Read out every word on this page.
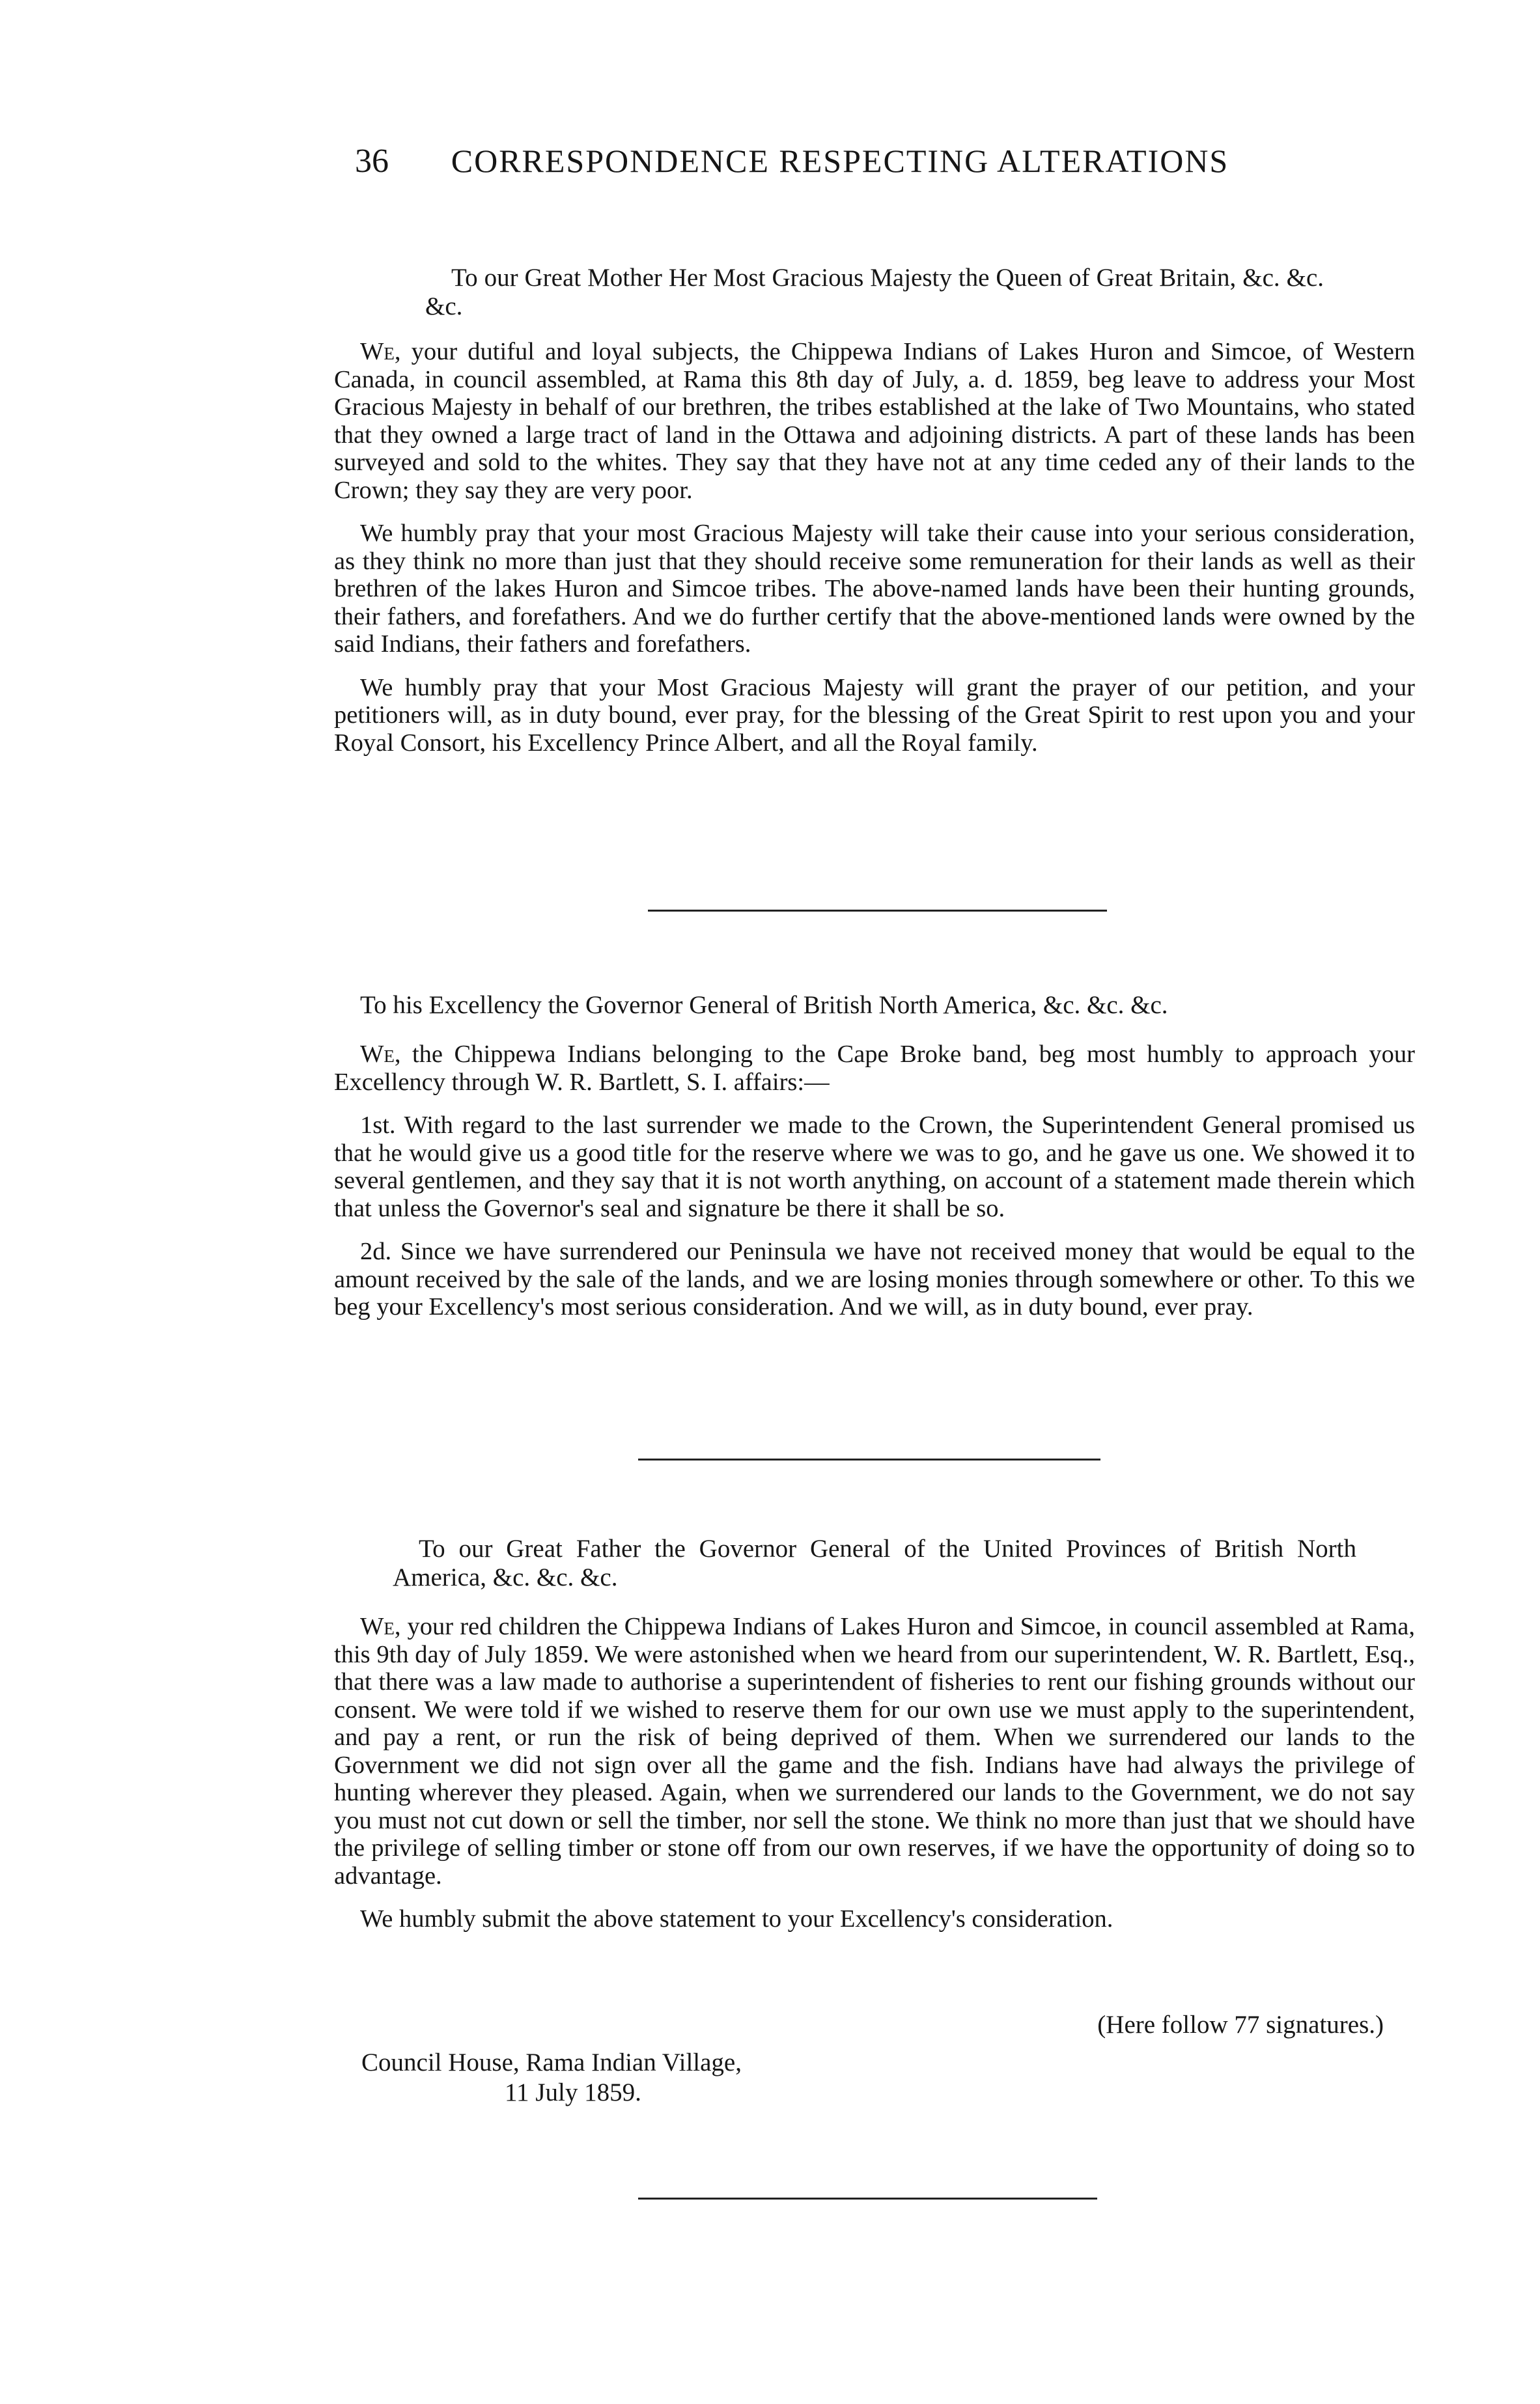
36	CORRESPONDENCE RESPECTING ALTERATIONS

To our Great Mother Her Most Gracious Majesty the Queen of Great Britain, &c. &c. &c.

We, your dutiful and loyal subjects, the Chippewa Indians of Lakes Huron and Simcoe, of Western Canada, in council assembled, at Rama this 8th day of July, a. d. 1859, beg leave to address your Most Gracious Majesty in behalf of our brethren, the tribes established at the lake of Two Mountains, who stated that they owned a large tract of land in the Ottawa and adjoining districts. A part of these lands has been surveyed and sold to the whites. They say that they have not at any time ceded any of their lands to the Crown; they say they are very poor.

We humbly pray that your most Gracious Majesty will take their cause into your serious consideration, as they think no more than just that they should receive some remuneration for their lands as well as their brethren of the lakes Huron and Simcoe tribes. The above-named lands have been their hunting grounds, their fathers, and forefathers. And we do further certify that the above-mentioned lands were owned by the said Indians, their fathers and forefathers.

We humbly pray that your Most Gracious Majesty will grant the prayer of our petition, and your petitioners will, as in duty bound, ever pray, for the blessing of the Great Spirit to rest upon you and your Royal Consort, his Excellency Prince Albert, and all the Royal family.

To his Excellency the Governor General of British North America, &c. &c. &c.

We, the Chippewa Indians belonging to the Cape Broke band, beg most humbly to approach your Excellency through W. R. Bartlett, S. I. affairs:—

1st. With regard to the last surrender we made to the Crown, the Superintendent General promised us that he would give us a good title for the reserve where we was to go, and he gave us one. We showed it to several gentlemen, and they say that it is not worth anything, on account of a statement made therein which that unless the Governor's seal and signature be there it shall be so.

2d. Since we have surrendered our Peninsula we have not received money that would be equal to the amount received by the sale of the lands, and we are losing monies through somewhere or other. To this we beg your Excellency's most serious consideration. And we will, as in duty bound, ever pray.

To our Great Father the Governor General of the United Provinces of British North America, &c. &c. &c.

We, your red children the Chippewa Indians of Lakes Huron and Simcoe, in council assembled at Rama, this 9th day of July 1859. We were astonished when we heard from our superintendent, W. R. Bartlett, Esq., that there was a law made to authorise a superintendent of fisheries to rent our fishing grounds without our consent. We were told if we wished to reserve them for our own use we must apply to the superintendent, and pay a rent, or run the risk of being deprived of them. When we surrendered our lands to the Government we did not sign over all the game and the fish. Indians have had always the privilege of hunting wherever they pleased. Again, when we surrendered our lands to the Government, we do not say you must not cut down or sell the timber, nor sell the stone. We think no more than just that we should have the privilege of selling timber or stone off from our own reserves, if we have the opportunity of doing so to advantage.

We humbly submit the above statement to your Excellency's consideration.

(Here follow 77 signatures.)
Council House, Rama Indian Village,
11 July 1859.
